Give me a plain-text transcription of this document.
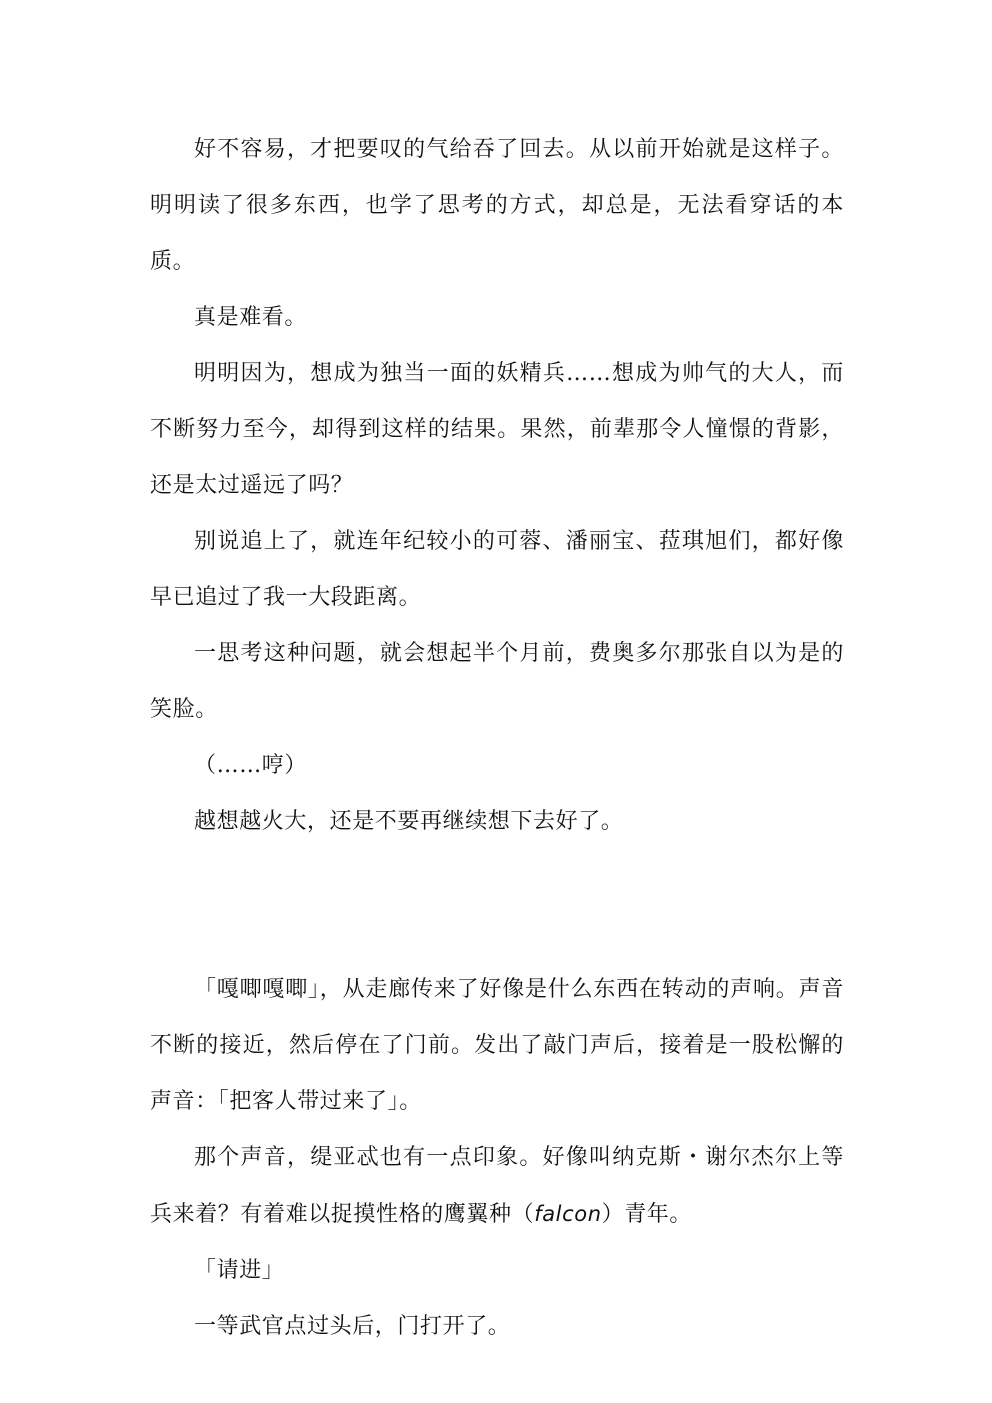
好不容易，才把要叹的气给吞了回去。从以前开始就是这样子。明明读了很多东西，也学了思考的方式，却总是，无法看穿话的本质。

真是难看。

明明因为，想成为独当一面的妖精兵……想成为帅气的大人，而不断努力至今，却得到这样的结果。果然，前辈那令人憧憬的背影，还是太过遥远了吗？

别说追上了，就连年纪较小的可蓉、潘丽宝、菈琪旭们，都好像早已追过了我一大段距离。

一思考这种问题，就会想起半个月前，费奥多尔那张自以为是的笑脸。

（……哼）

越想越火大，还是不要再继续想下去好了。

「嘎唧嘎唧」，从走廊传来了好像是什么东西在转动的声响。声音不断的接近，然后停在了门前。发出了敲门声后，接着是一股松懈的声音：「把客人带过来了」。

那个声音，缇亚忒也有一点印象。好像叫纳克斯・谢尔杰尔上等兵来着？有着难以捉摸性格的鹰翼种（falcon）青年。

「请进」

一等武官点过头后，门打开了。
